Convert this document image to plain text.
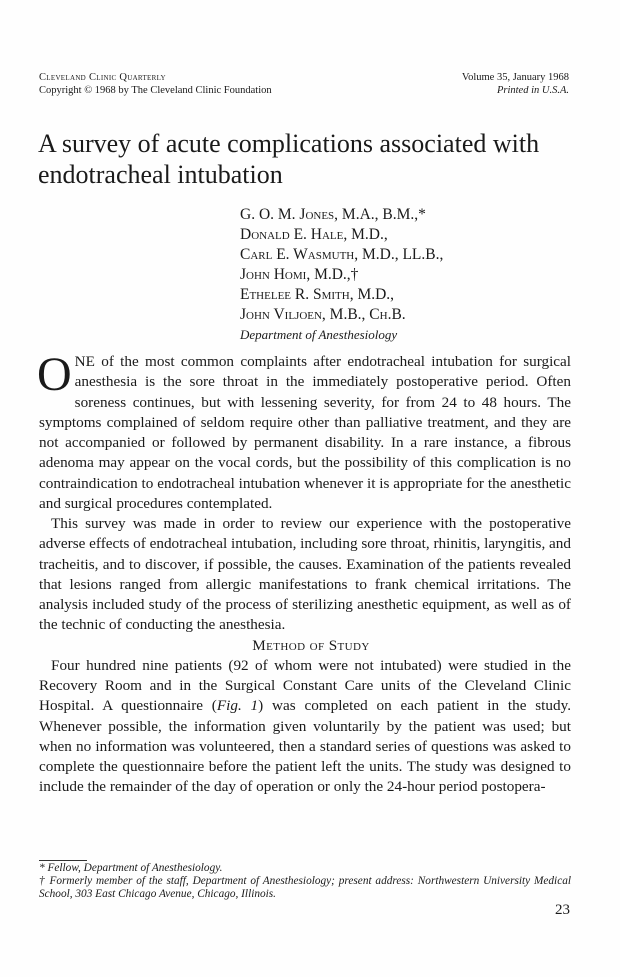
Cleveland Clinic Quarterly
Copyright © 1968 by The Cleveland Clinic Foundation
Volume 35, January 1968
Printed in U.S.A.
A survey of acute complications associated with endotracheal intubation
G. O. M. Jones, M.A., B.M.,*
Donald E. Hale, M.D.,
Carl E. Wasmuth, M.D., LL.B.,
John Homi, M.D.,†
Ethelee R. Smith, M.D.,
John Viljoen, M.B., Ch.B.
Department of Anesthesiology

ONE of the most common complaints after endotracheal intubation for surgical anesthesia is the sore throat in the immediately postoperative period. Often soreness continues, but with lessening severity, for from 24 to 48 hours. The symptoms complained of seldom require other than palliative treatment, and they are not accompanied or followed by permanent disability. In a rare instance, a fibrous adenoma may appear on the vocal cords, but the possibility of this complication is no contraindication to endotracheal intubation whenever it is appropriate for the anesthetic and surgical procedures contemplated.

This survey was made in order to review our experience with the postoperative adverse effects of endotracheal intubation, including sore throat, rhinitis, laryngitis, and tracheitis, and to discover, if possible, the causes. Examination of the patients revealed that lesions ranged from allergic manifestations to frank chemical irritations. The analysis included study of the process of sterilizing anesthetic equipment, as well as of the technic of conducting the anesthesia.

Method of Study

Four hundred nine patients (92 of whom were not intubated) were studied in the Recovery Room and in the Surgical Constant Care units of the Cleveland Clinic Hospital. A questionnaire (Fig. 1) was completed on each patient in the study. Whenever possible, the information given voluntarily by the patient was used; but when no information was volunteered, then a standard series of questions was asked to complete the questionnaire before the patient left the units. The study was designed to include the remainder of the day of operation or only the 24-hour period postopera-

* Fellow, Department of Anesthesiology.

† Formerly member of the staff, Department of Anesthesiology; present address: Northwestern University Medical School, 303 East Chicago Avenue, Chicago, Illinois.

23
